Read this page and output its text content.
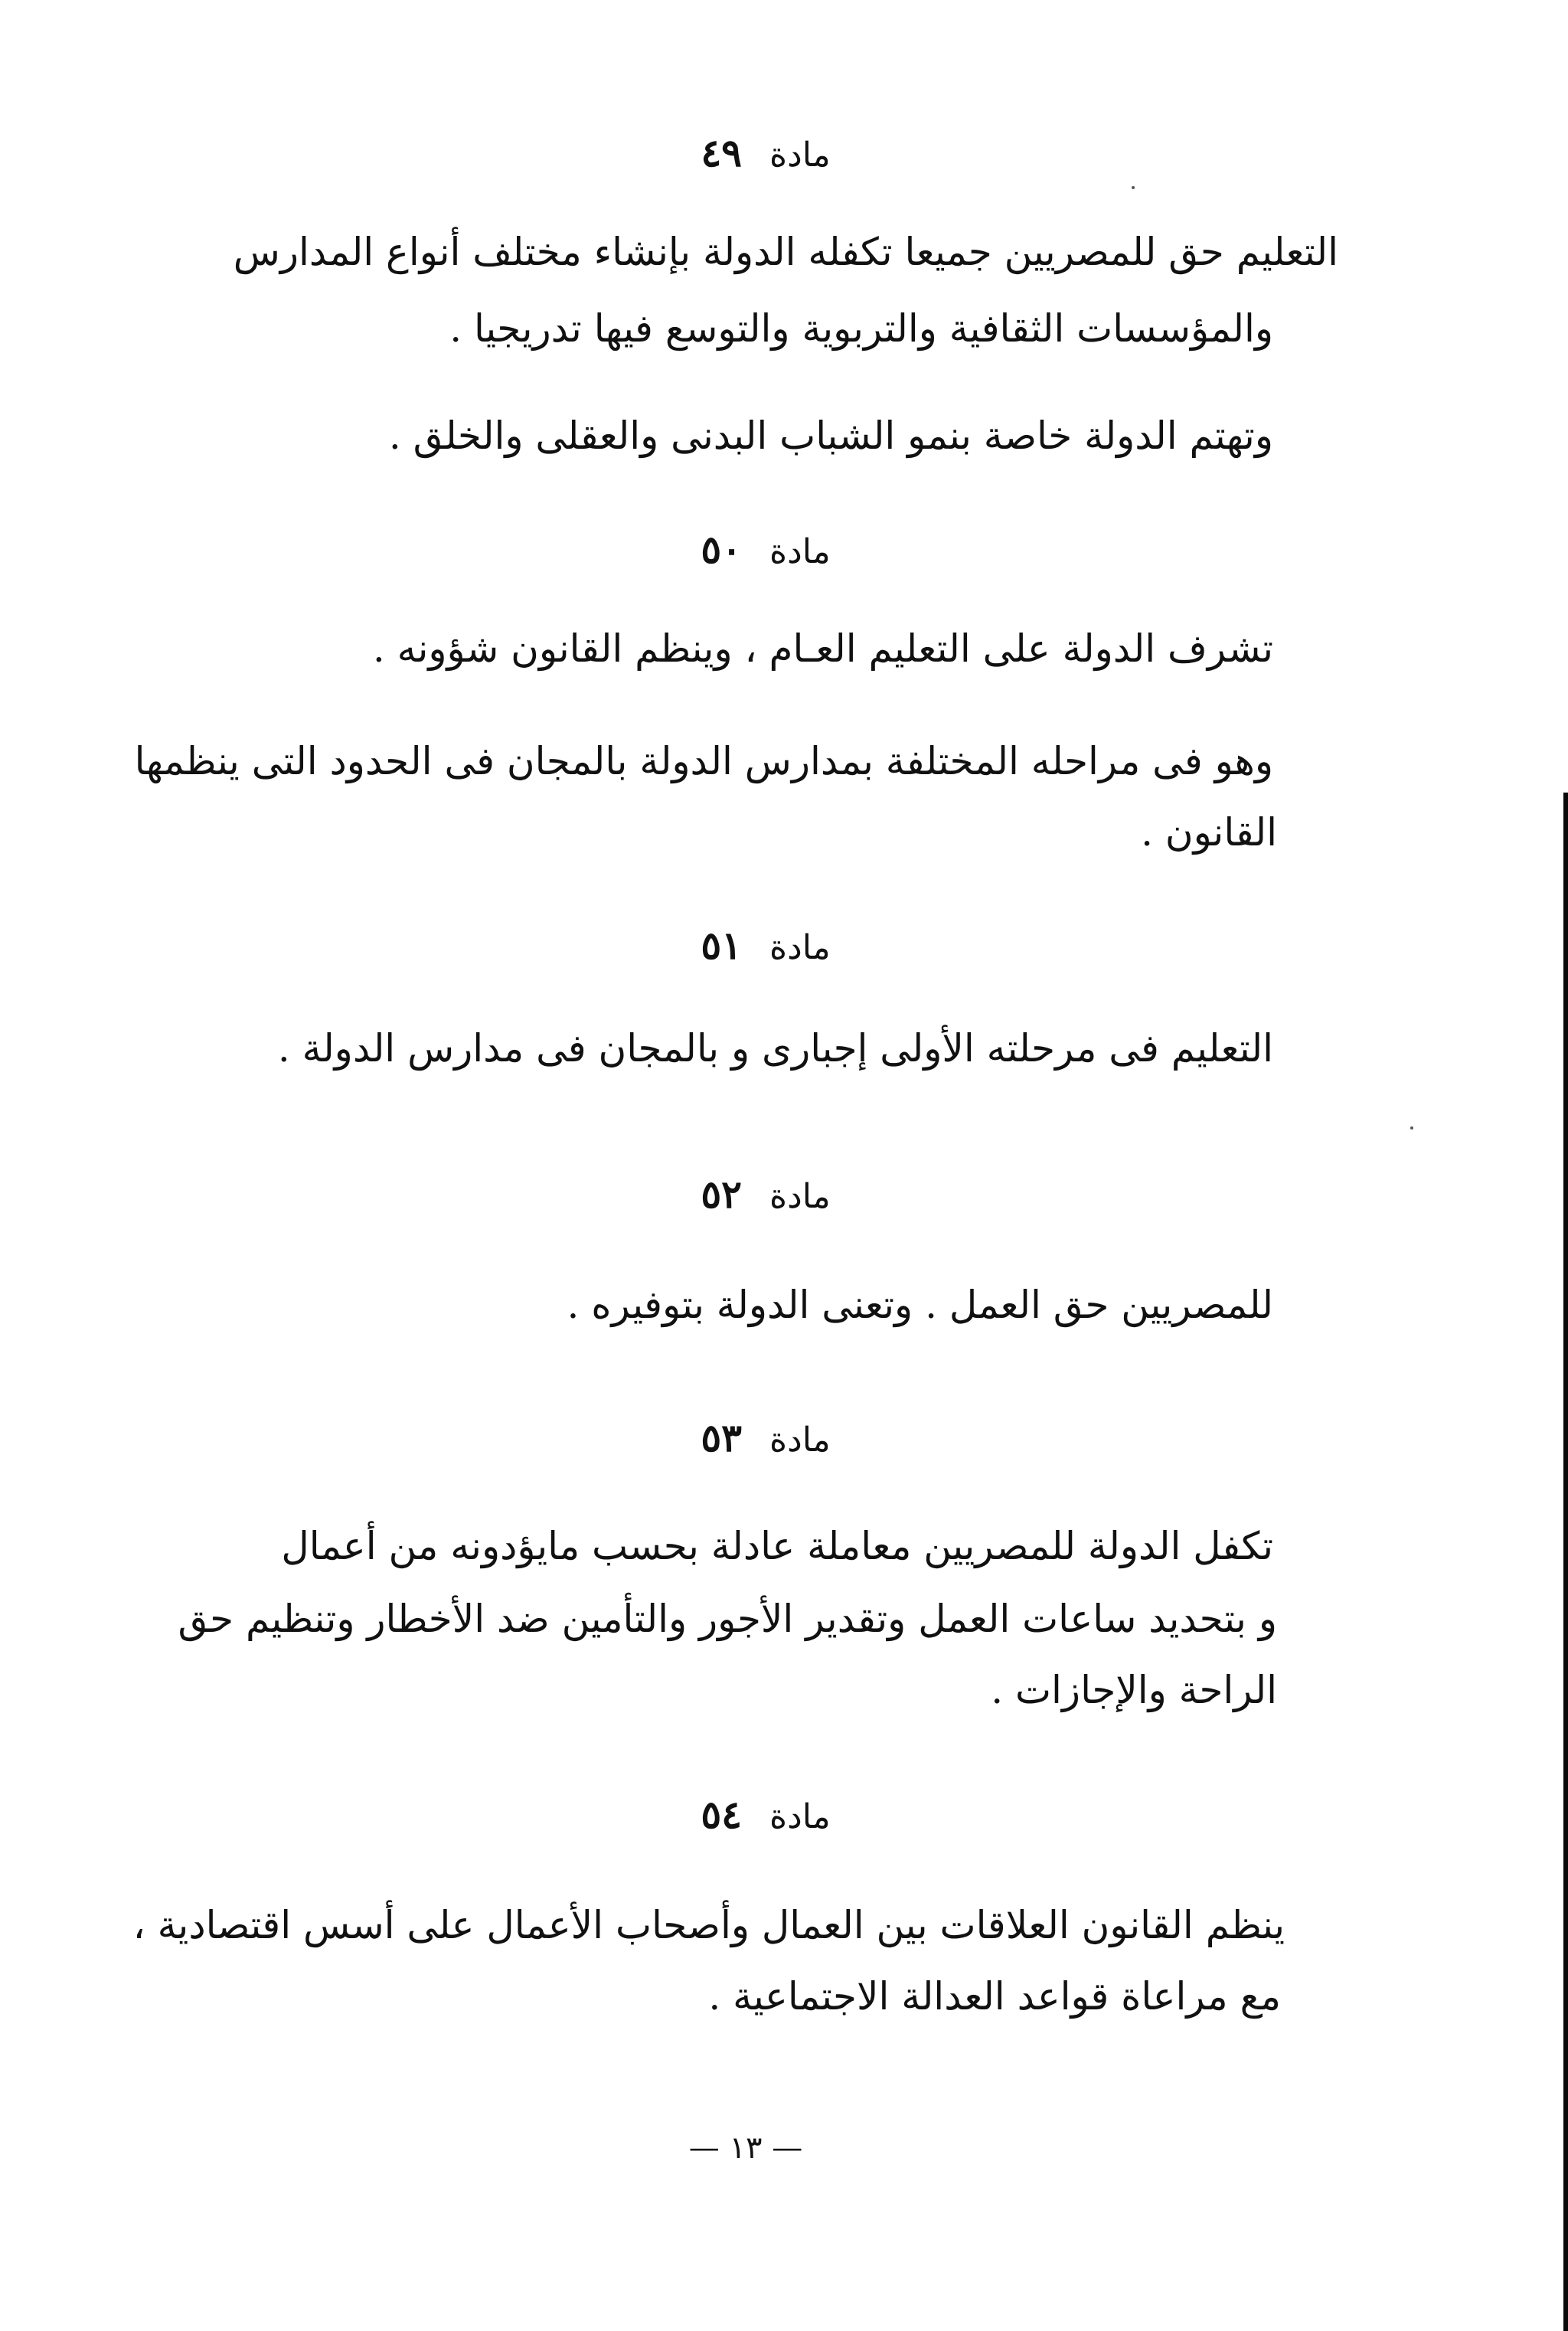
مادة ٤٩
التعليم حق للمصريين جميعا تكفله الدولة بإنشاء مختلف أنواع المدارس
والمؤسسات الثقافية والتربوية والتوسع فيها تدريجيا .
وتهتم الدولة خاصة بنمو الشباب البدنى والعقلى والخلق .
مادة ٥٠
تشرف الدولة على التعليم العـام ، وينظم القانون شؤونه .
وهو فى مراحله المختلفة بمدارس الدولة بالمجان فى الحدود التى ينظمها
القانون .
مادة ٥١
التعليم فى مرحلته الأولى إجبارى و بالمجان فى مدارس الدولة .
مادة ٥٢
للمصريين حق العمل . وتعنى الدولة بتوفيره .
مادة ٥٣
تكفل الدولة للمصريين معاملة عادلة بحسب مايؤدونه من أعمال
و بتحديد ساعات العمل وتقدير الأجور والتأمين ضد الأخطار وتنظيم حق
الراحة والإجازات .
مادة ٥٤
ينظم القانون العلاقات بين العمال وأصحاب الأعمال على أسس اقتصادية ،
مع مراعاة قواعد العدالة الاجتماعية .
— ١٣ —
